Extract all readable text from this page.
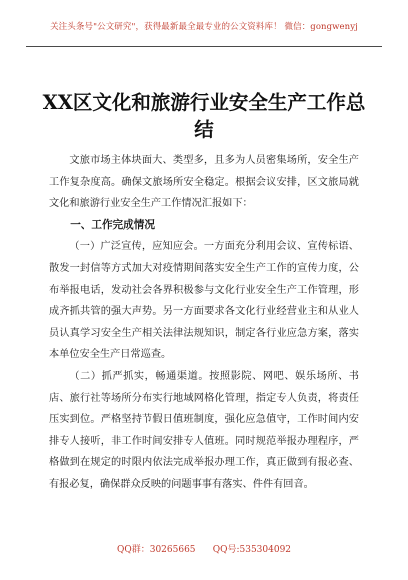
关注头条号"公文研究"，获得最新最全最专业的公文资料库！ 微信：gongwenyj
XX区文化和旅游行业安全生产工作总结

文旅市场主体块面大、类型多，且多为人员密集场所，安全生产工作复杂度高。确保文旅场所安全稳定。根据会议安排，区文旅局就文化和旅游行业安全生产工作情况汇报如下：

一、工作完成情况

（一）广泛宣传，应知应会。一方面充分利用会议、宣传标语、散发一封信等方式加大对疫情期间落实安全生产工作的宣传力度，公布举报电话，发动社会各界积极参与文化行业安全生产工作管理，形成齐抓共管的强大声势。另一方面要求各文化行业经营业主和从业人员认真学习安全生产相关法律法规知识，制定各行业应急方案，落实本单位安全生产日常巡查。

（二）抓严抓实，畅通渠道。按照影院、网吧、娱乐场所、书店、旅行社等场所分布实行地域网格化管理，指定专人负责，将责任压实到位。严格坚持节假日值班制度，强化应急值守，工作时间内安排专人接听，非工作时间安排专人值班。同时规范举报办理程序，严格做到在规定的时限内依法完成举报办理工作，真正做到有报必查、有报必复，确保群众反映的问题事事有落实、件件有回音。

QQ群：30265665      QQ号:535304092
